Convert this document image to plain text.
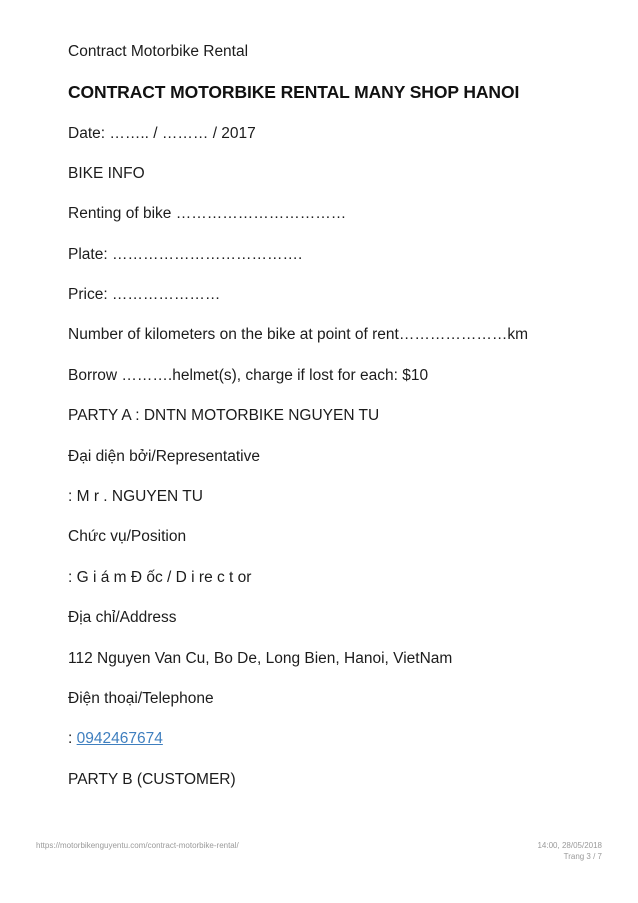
Contract Motorbike Rental
CONTRACT MOTORBIKE RENTAL MANY SHOP HANOI
Date: …….. / ……… / 2017
BIKE INFO
Renting of bike ……………………………
Plate: ……………………………….
Price: …………………
Number of kilometers on the bike at point of rent…………………km
Borrow ……….helmet(s), charge if lost for each: $10
PARTY A : DNTN MOTORBIKE NGUYEN TU
Đại diện bởi/Representative
: M r . NGUYEN TU
Chức vụ/Position
: G i á m Đ ốc / D i re c t or
Địa chỉ/Address
112 Nguyen Van Cu, Bo De, Long Bien, Hanoi, VietNam
Điện thoại/Telephone
: 0942467674
PARTY B (CUSTOMER)
https://motorbikenguyentu.com/contract-motorbike-rental/	14:00, 28/05/2018
Trang 3 / 7
